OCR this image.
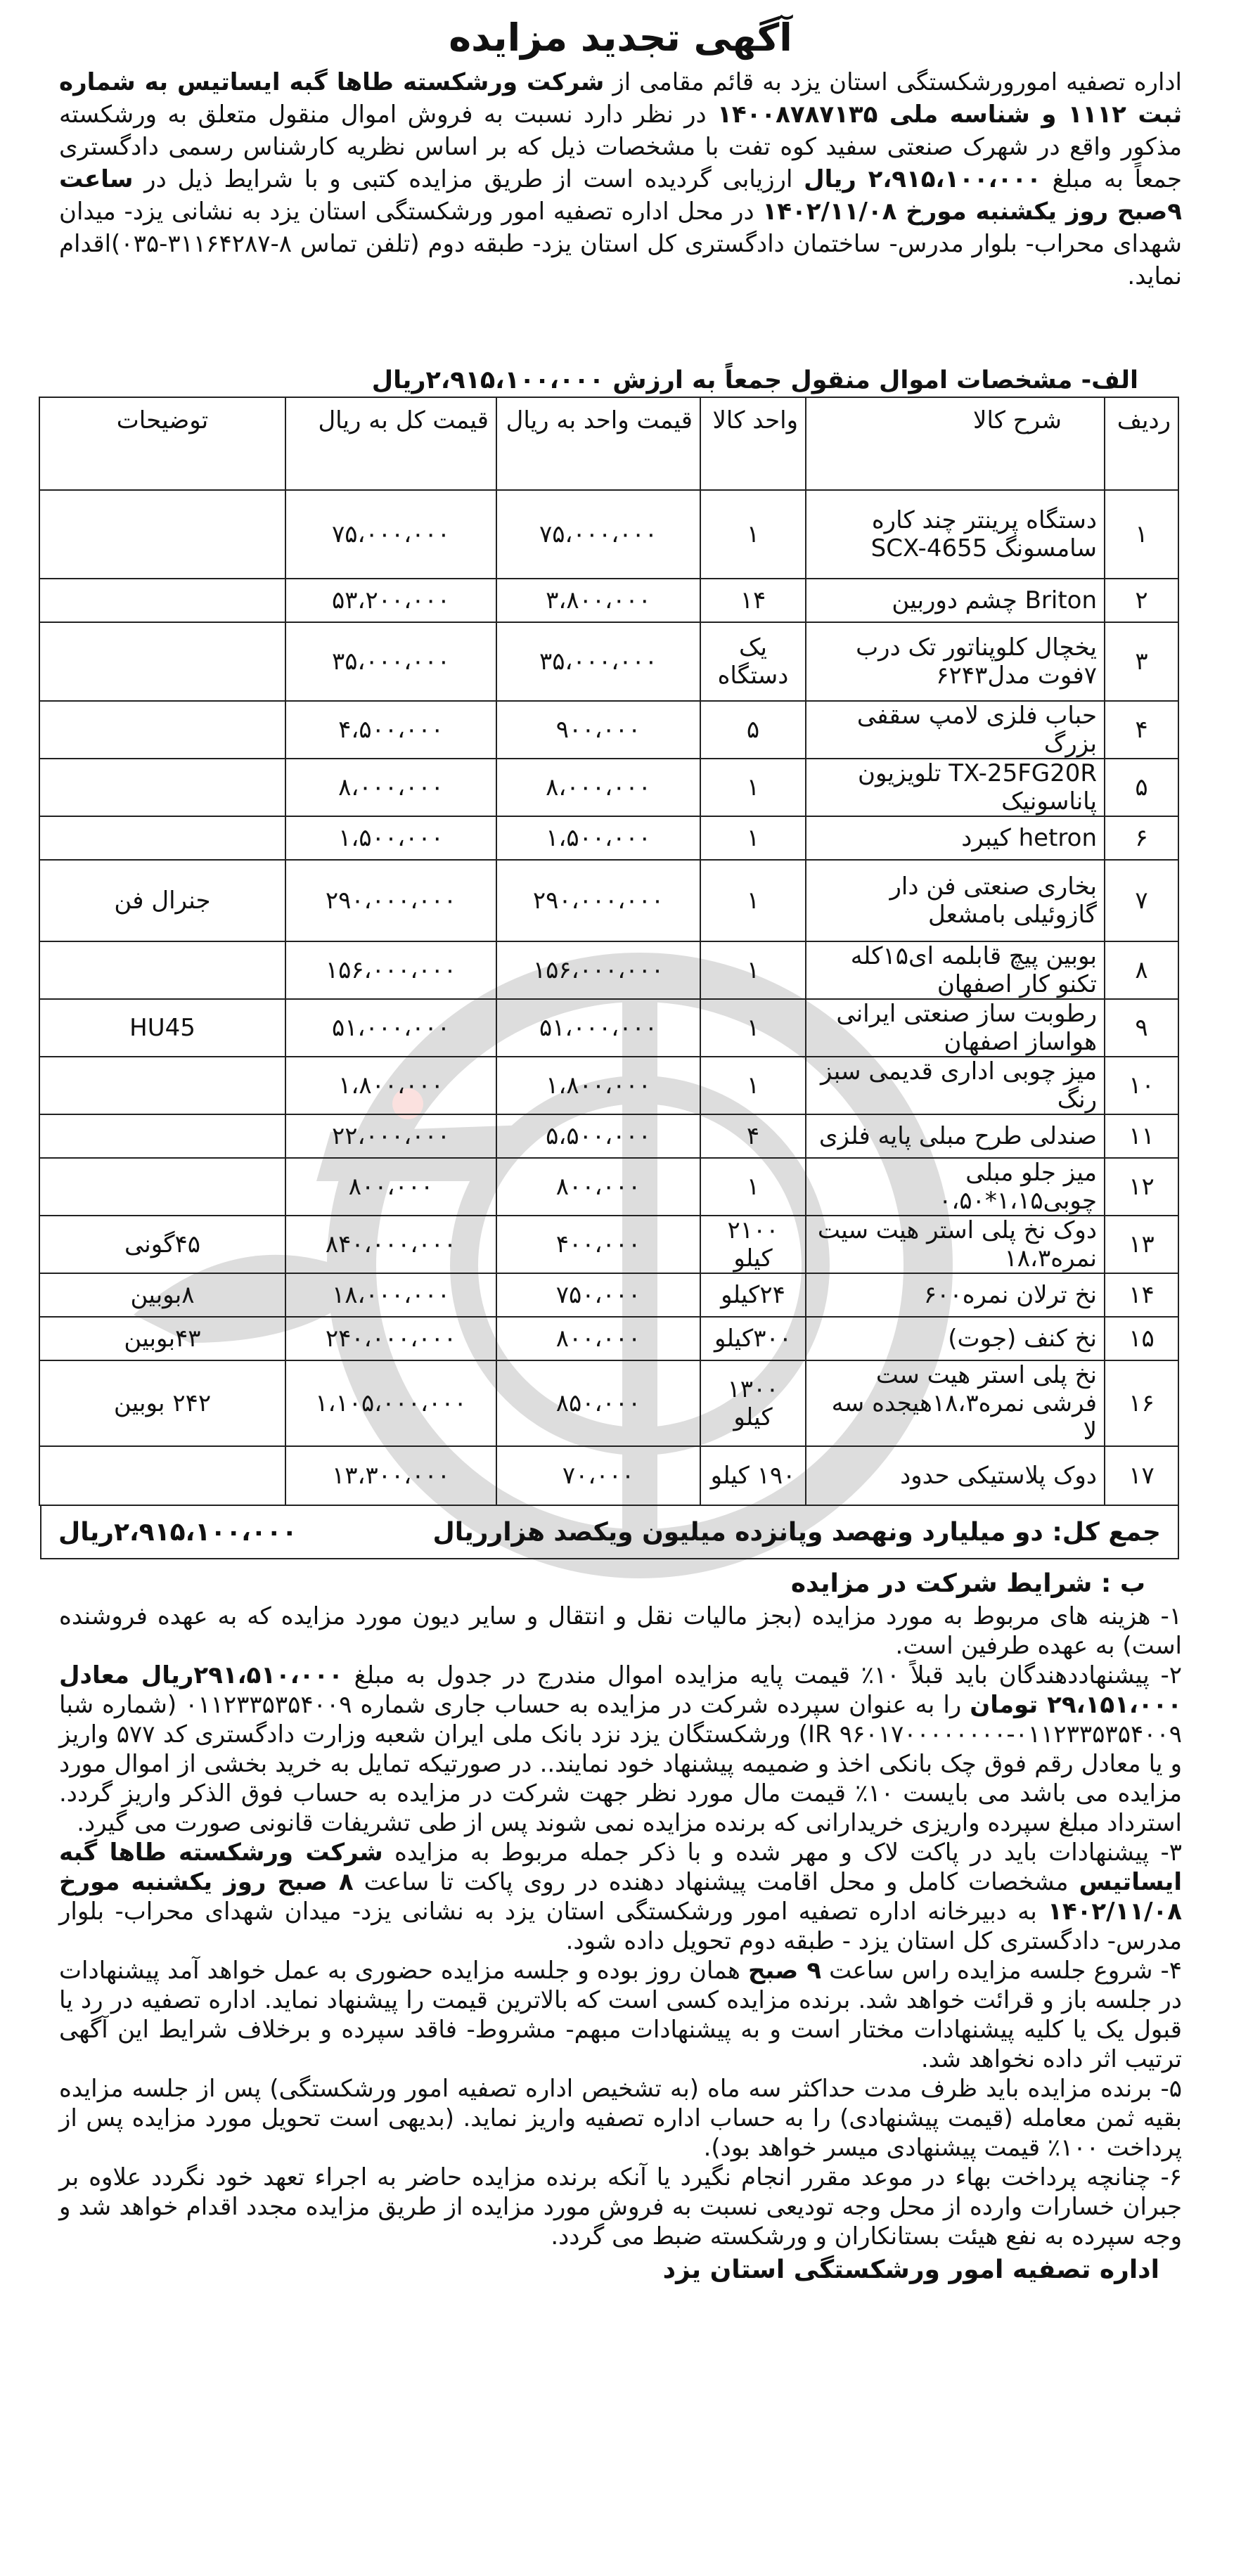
آگهی تجدید مزایده
اداره تصفیه امورورشکستگی استان یزد به قائم مقامی از شرکت ورشکسته طاها گبه ایساتیس به شماره ثبت ۱۱۱۲ و شناسه ملی ۱۴۰۰۸۷۸۷۱۳۵ در نظر دارد نسبت به فروش اموال منقول متعلق به ورشکسته مذکور واقع در شهرک صنعتی سفید کوه تفت با مشخصات ذیل که بر اساس نظریه کارشناس رسمی دادگستری جمعاً به مبلغ ۲،۹۱۵،۱۰۰،۰۰۰ ریال ارزیابی گردیده است از طریق مزایده کتبی و با شرایط ذیل در ساعت ۹صبح روز یکشنبه مورخ ۱۴۰۲/۱۱/۰۸ در محل اداره تصفیه امور ورشکستگی استان یزد به نشانی یزد- میدان شهدای محراب- بلوار مدرس- ساختمان دادگستری کل استان یزد- طبقه دوم (تلفن تماس ۸-۳۱۱۶۴۲۸۷-۰۳۵)اقدام نماید.
الف- مشخصات اموال منقول جمعاً به ارزش ۲،۹۱۵،۱۰۰،۰۰۰ریال
ردیف	شرح کالا	واحد کالا	قیمت واحد به ریال	قیمت کل به ریال	توضیحات
۱	دستگاه پرینتر چند کاره سامسونگ SCX-4655	۱	۷۵،۰۰۰،۰۰۰	۷۵،۰۰۰،۰۰۰	
۲	Briton چشم دوربین	۱۴	۳،۸۰۰،۰۰۰	۵۳،۲۰۰،۰۰۰	
۳	یخچال کلوپناتور تک درب ۷فوت مدل۶۲۴۳	یک دستگاه	۳۵،۰۰۰،۰۰۰	۳۵،۰۰۰،۰۰۰	
۴	حباب فلزی لامپ سقفی بزرگ	۵	۹۰۰،۰۰۰	۴،۵۰۰،۰۰۰	
۵	TX-25FG20R تلویزیون پاناسونیک	۱	۸،۰۰۰،۰۰۰	۸،۰۰۰،۰۰۰	
۶	hetron کیبرد	۱	۱،۵۰۰،۰۰۰	۱،۵۰۰،۰۰۰	
۷	بخاری صنعتی فن دار گازوئیلی بامشعل	۱	۲۹۰،۰۰۰،۰۰۰	۲۹۰،۰۰۰،۰۰۰	جنرال فن
۸	بوبین پیچ قابلمه ای۱۵کله تکنو کار اصفهان	۱	۱۵۶،۰۰۰،۰۰۰	۱۵۶،۰۰۰،۰۰۰	
۹	رطوبت ساز صنعتی ایرانی هواساز اصفهان	۱	۵۱،۰۰۰،۰۰۰	۵۱،۰۰۰،۰۰۰	HU45
۱۰	میز چوبی اداری قدیمی سبز رنگ	۱	۱،۸۰۰،۰۰۰	۱،۸۰۰،۰۰۰	
۱۱	صندلی طرح مبلی پایه فلزی	۴	۵،۵۰۰،۰۰۰	۲۲،۰۰۰،۰۰۰	
۱۲	میز جلو مبلی چوبی۱،۱۵*۰،۵۰	۱	۸۰۰،۰۰۰	۸۰۰،۰۰۰	
۱۳	دوک نخ پلی استر هیت سیت نمره۱۸،۳	۲۱۰۰ کیلو	۴۰۰،۰۰۰	۸۴۰،۰۰۰،۰۰۰	۴۵گونی
۱۴	نخ ترلان نمره۶۰۰	۲۴کیلو	۷۵۰،۰۰۰	۱۸،۰۰۰،۰۰۰	۸بوبین
۱۵	نخ کنف (جوت)	۳۰۰کیلو	۸۰۰،۰۰۰	۲۴۰،۰۰۰،۰۰۰	۴۳بوبین
۱۶	نخ پلی استر هیت ست فرشی نمره۱۸،۳هیجده سه لا	۱۳۰۰ کیلو	۸۵۰،۰۰۰	۱،۱۰۵،۰۰۰،۰۰۰	۲۴۲ بوبین
۱۷	دوک پلاستیکی حدود	۱۹۰ کیلو	۷۰،۰۰۰	۱۳،۳۰۰،۰۰۰	
جمع کل: دو میلیارد ونهصد وپانزده میلیون ویکصد هزارریال
۲،۹۱۵،۱۰۰،۰۰۰ریال
ب : شرایط شرکت در مزایده

۱- هزینه های مربوط به مورد مزایده (بجز مالیات نقل و انتقال و سایر دیون مورد مزایده که به عهده فروشنده است) به عهده طرفین است.

۲- پیشنهاددهندگان باید قبلاً ۱۰٪ قیمت پایه مزایده اموال مندرج در جدول به مبلغ ۲۹۱،۵۱۰،۰۰۰ریال معادل ۲۹،۱۵۱،۰۰۰ تومان را به عنوان سپرده شرکت در مزایده به حساب جاری شماره ۰۱۱۲۳۳۵۳۵۴۰۰۹ (شماره شبا ۰۱۱۲۳۳۵۳۵۴۰۰۹-۹۶۰۱۷۰۰۰۰۰۰۰۰ IR) ورشکستگان یزد نزد بانک ملی ایران شعبه وزارت دادگستری کد ۵۷۷ واریز و یا معادل رقم فوق چک بانکی اخذ و ضمیمه پیشنهاد خود نمایند.. در صورتیکه تمایل به خرید بخشی از اموال مورد مزایده می باشد می بایست ۱۰٪ قیمت مال مورد نظر جهت شرکت در مزایده به حساب فوق الذکر واریز گردد. استرداد مبلغ سپرده واریزی خریدارانی که برنده مزایده نمی شوند پس از طی تشریفات قانونی صورت می گیرد.

۳- پیشنهادات باید در پاکت لاک و مهر شده و با ذکر جمله مربوط به مزایده شرکت ورشکسته طاها گبه ایساتیس مشخصات کامل و محل اقامت پیشنهاد دهنده در روی پاکت تا ساعت ۸ صبح روز یکشنبه مورخ ۱۴۰۲/۱۱/۰۸ به دبیرخانه اداره تصفیه امور ورشکستگی استان یزد به نشانی یزد- میدان شهدای محراب- بلوار مدرس- دادگستری کل استان یزد - طبقه دوم تحویل داده شود.

۴- شروع جلسه مزایده راس ساعت ۹ صبح همان روز بوده و جلسه مزایده حضوری به عمل خواهد آمد پیشنهادات در جلسه باز و قرائت خواهد شد. برنده مزایده کسی است که بالاترین قیمت را پیشنهاد نماید. اداره تصفیه در رد یا قبول یک یا کلیه پیشنهادات مختار است و به پیشنهادات مبهم- مشروط- فاقد سپرده و برخلاف شرایط این آگهی ترتیب اثر داده نخواهد شد.

۵- برنده مزایده باید ظرف مدت حداکثر سه ماه (به تشخیص اداره تصفیه امور ورشکستگی) پس از جلسه مزایده بقیه ثمن معامله (قیمت پیشنهادی) را به حساب اداره تصفیه واریز نماید. (بدیهی است تحویل مورد مزایده پس از پرداخت ۱۰۰٪ قیمت پیشنهادی میسر خواهد بود).

۶- چنانچه پرداخت بهاء در موعد مقرر انجام نگیرد یا آنکه برنده مزایده حاضر به اجراء تعهد خود نگردد علاوه بر جبران خسارات وارده از محل وجه تودیعی نسبت به فروش مورد مزایده از طریق مزایده مجدد اقدام خواهد شد و وجه سپرده به نفع هیئت بستانکاران و ورشکسته ضبط می گردد.

اداره تصفیه امور ورشکستگی استان یزد
